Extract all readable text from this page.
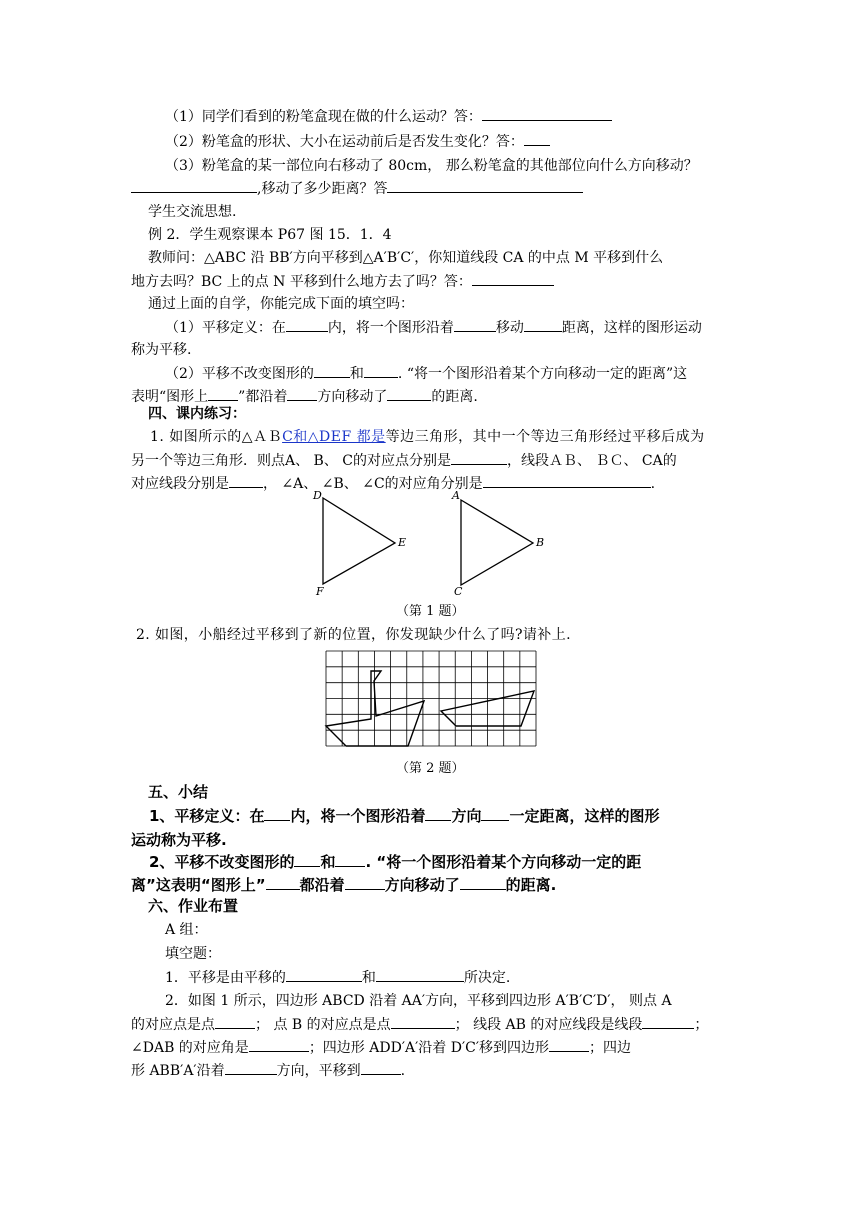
（1）同学们看到的粉笔盒现在做的什么运动？答：
（2）粉笔盒的形状、大小在运动前后是否发生变化？答：
（3）粉笔盒的某一部位向右移动了 80cm， 那么粉笔盒的其他部位向什么方向移动？
,移动了多少距离？答
学生交流思想.
例 2．学生观察课本 P67 图 15．1．4
教师问：△ABC 沿 BB′方向平移到△A′B′C′，你知道线段 CA 的中点 M 平移到什么
地方去吗？BC 上的点 N 平移到什么地方去了吗？答：
通过上面的自学，你能完成下面的填空吗：
（1）平移定义：在	内，将一个图形沿着	移动	距离，这样的图形运动
称为平移.
（2）平移不改变图形的	和 . “将一个图形沿着某个方向移动一定的距离”这
表明“图形上 ”都沿着 方向移动了	的距离.
四、课内练习：
1. 如图所示的△ＡＢC和△DEF 都是等边三角形，其中一个等边三角形经过平移后成为
另一个等边三角形．则点A、 B、 C的对应点分别是	，线段ＡＢ、 ＢＣ、 CA的
对应线段分别是 ， ∠A、 ∠B、 ∠C的对应角分别是	.
D
E
F
A
B
C
（第 1 题）
2. 如图，小船经过平移到了新的位置，你发现缺少什么了吗?请补上.
（第 2 题）
五、小结
1、平移定义：在 内，将一个图形沿着 方向 一定距离，这样的图形
运动称为平移.
2、平移不改变图形的 和 . “将一个图形沿着某个方向移动一定的距
离”这表明“图形上” 都沿着	方向移动了	的距离.
六、作业布置
A 组：
填空题：
1．平移是由平移的	和	所决定.
2．如图 1 所示，四边形 ABCD 沿着 AA′方向，平移到四边形 A′B′C′D′， 则点 A
的对应点是点	； 点 B 的对应点是点	； 线段 AB 的对应线段是线段	；
∠DAB 的对应角是	；四边形 ADD′A′沿着 D′C′移到四边形	；四边
形 ABB′A′沿着	方向，平移到	.
